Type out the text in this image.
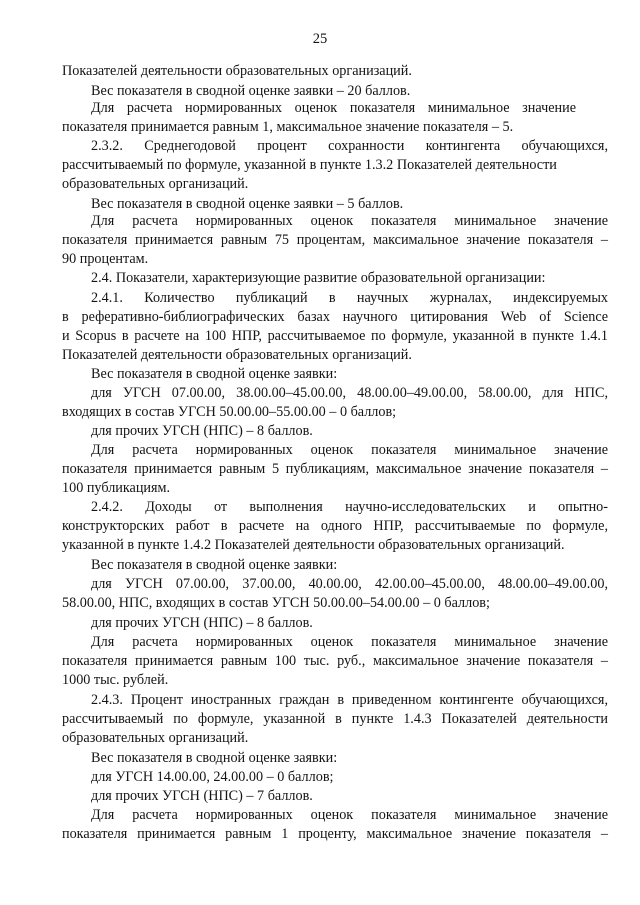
25
Показателей деятельности образовательных организаций.
Вес показателя в сводной оценке заявки – 20 баллов.
Для расчета нормированных оценок показателя минимальное значение
показателя принимается равным 1, максимальное значение показателя – 5.
2.3.2. Среднегодовой процент сохранности контингента обучающихся,
рассчитываемый по формуле, указанной в пункте 1.3.2 Показателей деятельности
образовательных организаций.
Вес показателя в сводной оценке заявки – 5 баллов.
Для расчета нормированных оценок показателя минимальное значение
показателя принимается равным 75 процентам, максимальное значение показателя –
90 процентам.
2.4. Показатели, характеризующие развитие образовательной организации:
2.4.1. Количество публикаций в научных журналах, индексируемых
в реферативно-библиографических базах научного цитирования Web of Science
и Scopus в расчете на 100 НПР, рассчитываемое по формуле, указанной в пункте 1.4.1
Показателей деятельности образовательных организаций.
Вес показателя в сводной оценке заявки:
для УГСН 07.00.00, 38.00.00–45.00.00, 48.00.00–49.00.00, 58.00.00, для НПС,
входящих в состав УГСН 50.00.00–55.00.00 – 0 баллов;
для прочих УГСН (НПС) – 8 баллов.
Для расчета нормированных оценок показателя минимальное значение
показателя принимается равным 5 публикациям, максимальное значение показателя –
100 публикациям.
2.4.2. Доходы от выполнения научно-исследовательских и опытно-
конструкторских работ в расчете на одного НПР, рассчитываемые по формуле,
указанной в пункте 1.4.2 Показателей деятельности образовательных организаций.
Вес показателя в сводной оценке заявки:
для УГСН 07.00.00, 37.00.00, 40.00.00, 42.00.00–45.00.00, 48.00.00–49.00.00,
58.00.00, НПС, входящих в состав УГСН 50.00.00–54.00.00 – 0 баллов;
для прочих УГСН (НПС) – 8 баллов.
Для расчета нормированных оценок показателя минимальное значение
показателя принимается равным 100 тыс. руб., максимальное значение показателя –
1000 тыс. рублей.
2.4.3. Процент иностранных граждан в приведенном контингенте обучающихся,
рассчитываемый по формуле, указанной в пункте 1.4.3 Показателей деятельности
образовательных организаций.
Вес показателя в сводной оценке заявки:
для УГСН 14.00.00, 24.00.00 – 0 баллов;
для прочих УГСН (НПС) – 7 баллов.
Для расчета нормированных оценок показателя минимальное значение
показателя принимается равным 1 проценту, максимальное значение показателя –
